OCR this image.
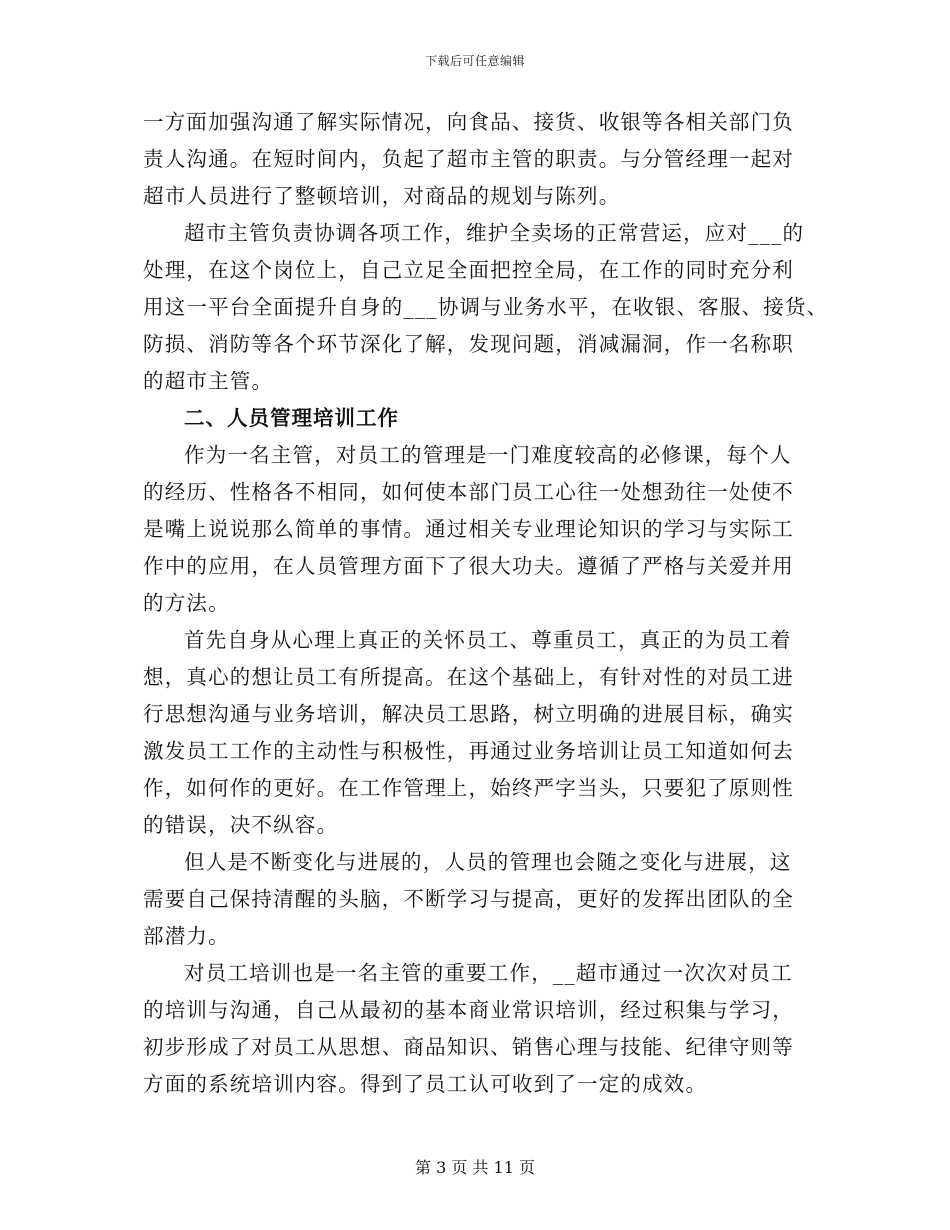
下载后可任意编辑
一方面加强沟通了解实际情况，向食品、接货、收银等各相关部门负
责人沟通。在短时间内，负起了超市主管的职责。与分管经理一起对
超市人员进行了整顿培训，对商品的规划与陈列。
超市主管负责协调各项工作，维护全卖场的正常营运，应对___的
处理，在这个岗位上，自己立足全面把控全局，在工作的同时充分利
用这一平台全面提升自身的___协调与业务水平，在收银、客服、接货、
防损、消防等各个环节深化了解，发现问题，消减漏洞，作一名称职
的超市主管。
二、人员管理培训工作
作为一名主管，对员工的管理是一门难度较高的必修课，每个人
的经历、性格各不相同，如何使本部门员工心往一处想劲往一处使不
是嘴上说说那么简单的事情。通过相关专业理论知识的学习与实际工
作中的应用，在人员管理方面下了很大功夫。遵循了严格与关爱并用
的方法。
首先自身从心理上真正的关怀员工、尊重员工，真正的为员工着
想，真心的想让员工有所提高。在这个基础上，有针对性的对员工进
行思想沟通与业务培训，解决员工思路，树立明确的进展目标，确实
激发员工工作的主动性与积极性，再通过业务培训让员工知道如何去
作，如何作的更好。在工作管理上，始终严字当头，只要犯了原则性
的错误，决不纵容。
但人是不断变化与进展的，人员的管理也会随之变化与进展，这
需要自己保持清醒的头脑，不断学习与提高，更好的发挥出团队的全
部潜力。
对员工培训也是一名主管的重要工作，__超市通过一次次对员工
的培训与沟通，自己从最初的基本商业常识培训，经过积集与学习，
初步形成了对员工从思想、商品知识、销售心理与技能、纪律守则等
方面的系统培训内容。得到了员工认可收到了一定的成效。
第 3 页 共 11 页
